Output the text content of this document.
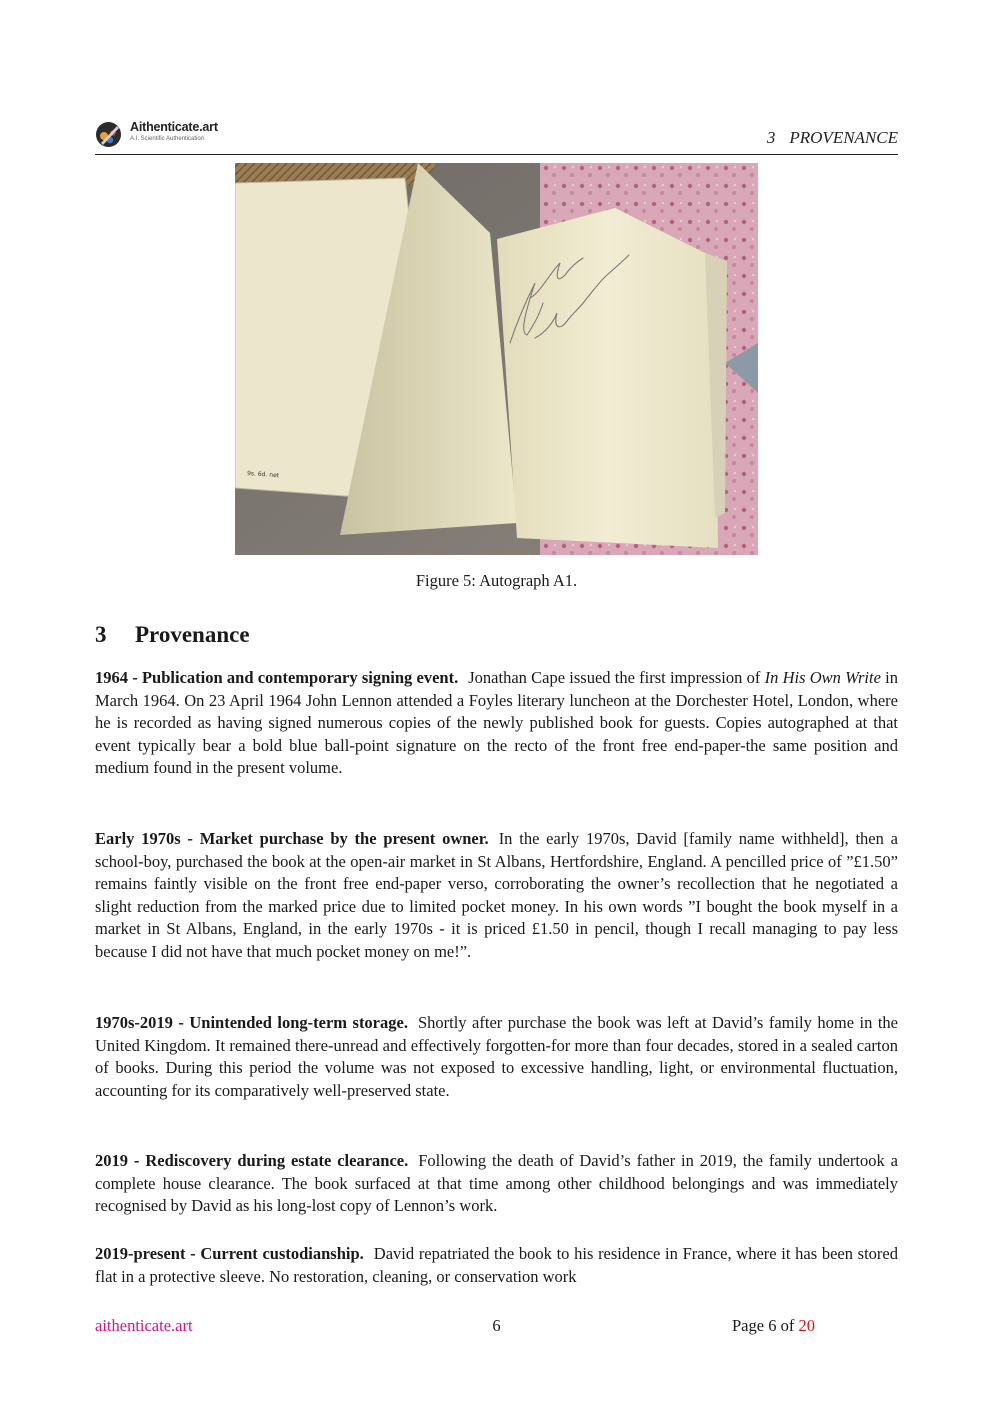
Aithenticate.art
A.I. Scientific Authentication	3 PROVENANCE
9s. 6d. net
Figure 5: Autograph A1.
3 Provenance
1964 - Publication and contemporary signing event. Jonathan Cape issued the first impression of In His Own Write in March 1964. On 23 April 1964 John Lennon attended a Foyles literary luncheon at the Dorchester Hotel, London, where he is recorded as having signed numerous copies of the newly published book for guests. Copies autographed at that event typically bear a bold blue ball-point signature on the recto of the front free end-paper-the same position and medium found in the present volume.
Early 1970s - Market purchase by the present owner. In the early 1970s, David [family name withheld], then a school-boy, purchased the book at the open-air market in St Albans, Hertfordshire, England. A pencilled price of ”£1.50” remains faintly visible on the front free end-paper verso, corroborating the owner’s recollection that he negotiated a slight reduction from the marked price due to limited pocket money. In his own words ”I bought the book myself in a market in St Albans, England, in the early 1970s - it is priced £1.50 in pencil, though I recall managing to pay less because I did not have that much pocket money on me!”.
1970s-2019 - Unintended long-term storage. Shortly after purchase the book was left at David’s family home in the United Kingdom. It remained there-unread and effectively forgotten-for more than four decades, stored in a sealed carton of books. During this period the volume was not exposed to excessive handling, light, or environmental fluctuation, accounting for its comparatively well-preserved state.
2019 - Rediscovery during estate clearance. Following the death of David’s father in 2019, the family undertook a complete house clearance. The book surfaced at that time among other childhood belongings and was immediately recognised by David as his long-lost copy of Lennon’s work.
2019-present - Current custodianship. David repatriated the book to his residence in France, where it has been stored flat in a protective sleeve. No restoration, cleaning, or conservation work
aithenticate.art	6	Page 6 of 20
